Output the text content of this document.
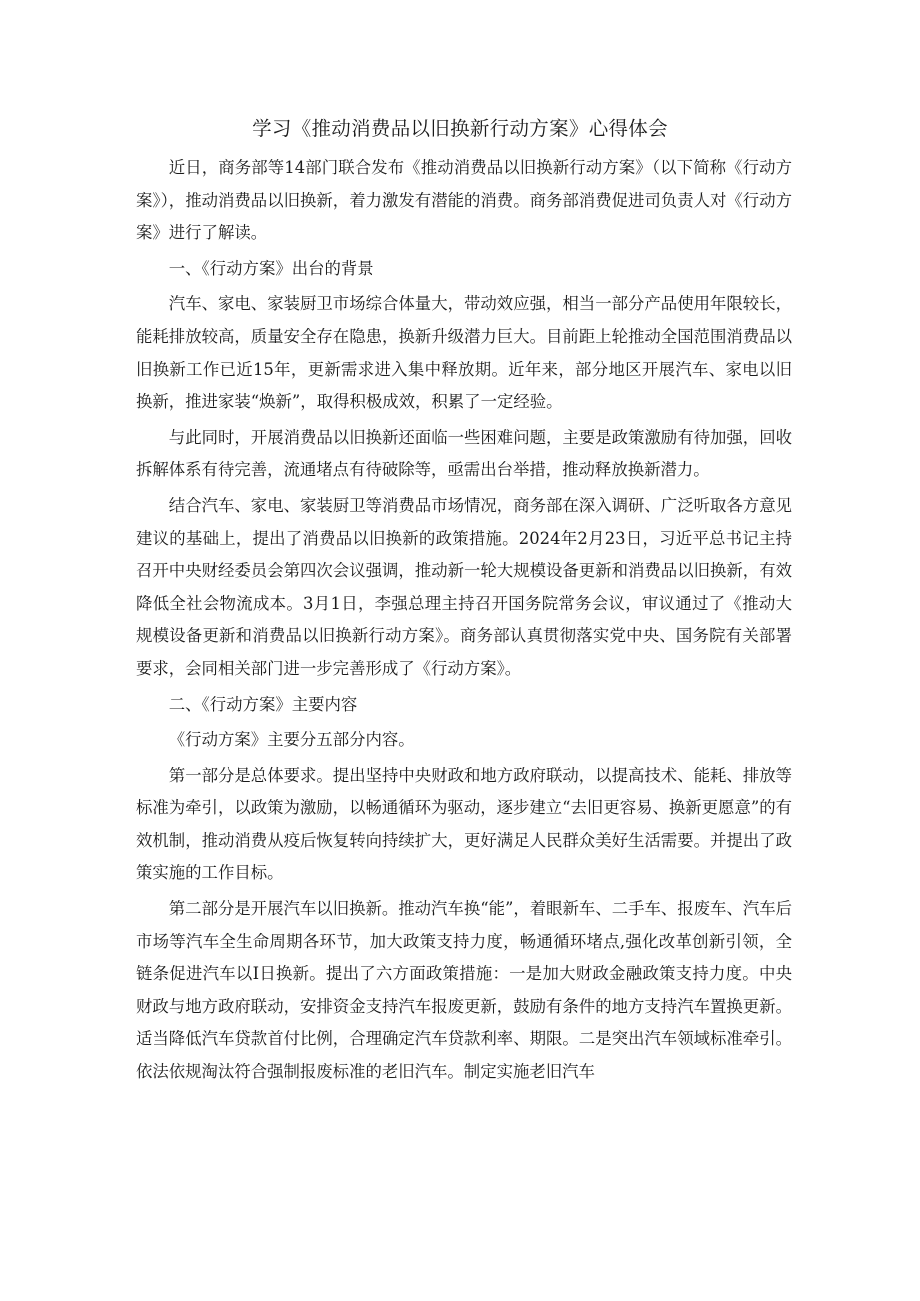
学习《推动消费品以旧换新行动方案》心得体会

近日，商务部等14部门联合发布《推动消费品以旧换新行动方案》（以下简称《行动方案》），推动消费品以旧换新，着力激发有潜能的消费。商务部消费促进司负责人对《行动方案》进行了解读。

一、《行动方案》出台的背景

汽车、家电、家装厨卫市场综合体量大，带动效应强，相当一部分产品使用年限较长，能耗排放较高，质量安全存在隐患，换新升级潜力巨大。目前距上轮推动全国范围消费品以旧换新工作已近15年，更新需求进入集中释放期。近年来，部分地区开展汽车、家电以旧换新，推进家装“焕新”，取得积极成效，积累了一定经验。

与此同时，开展消费品以旧换新还面临一些困难问题，主要是政策激励有待加强，回收拆解体系有待完善，流通堵点有待破除等，亟需出台举措，推动释放换新潜力。

结合汽车、家电、家装厨卫等消费品市场情况，商务部在深入调研、广泛听取各方意见建议的基础上，提出了消费品以旧换新的政策措施。2024年2月23日，习近平总书记主持召开中央财经委员会第四次会议强调，推动新一轮大规模设备更新和消费品以旧换新，有效降低全社会物流成本。3月1日，李强总理主持召开国务院常务会议，审议通过了《推动大规模设备更新和消费品以旧换新行动方案》。商务部认真贯彻落实党中央、国务院有关部署要求，会同相关部门进一步完善形成了《行动方案》。

二、《行动方案》主要内容

《行动方案》主要分五部分内容。

第一部分是总体要求。提出坚持中央财政和地方政府联动，以提高技术、能耗、排放等标准为牵引，以政策为激励，以畅通循环为驱动，逐步建立“去旧更容易、换新更愿意”的有效机制，推动消费从疫后恢复转向持续扩大，更好满足人民群众美好生活需要。并提出了政策实施的工作目标。

第二部分是开展汽车以旧换新。推动汽车换“能”，着眼新车、二手车、报废车、汽车后市场等汽车全生命周期各环节，加大政策支持力度，畅通循环堵点,强化改革创新引领，全链条促进汽车以I日换新。提出了六方面政策措施：一是加大财政金融政策支持力度。中央财政与地方政府联动，安排资金支持汽车报废更新，鼓励有条件的地方支持汽车置换更新。适当降低汽车贷款首付比例，合理确定汽车贷款利率、期限。二是突出汽车领域标准牵引。依法依规淘汰符合强制报废标准的老旧汽车。制定实施老旧汽车
